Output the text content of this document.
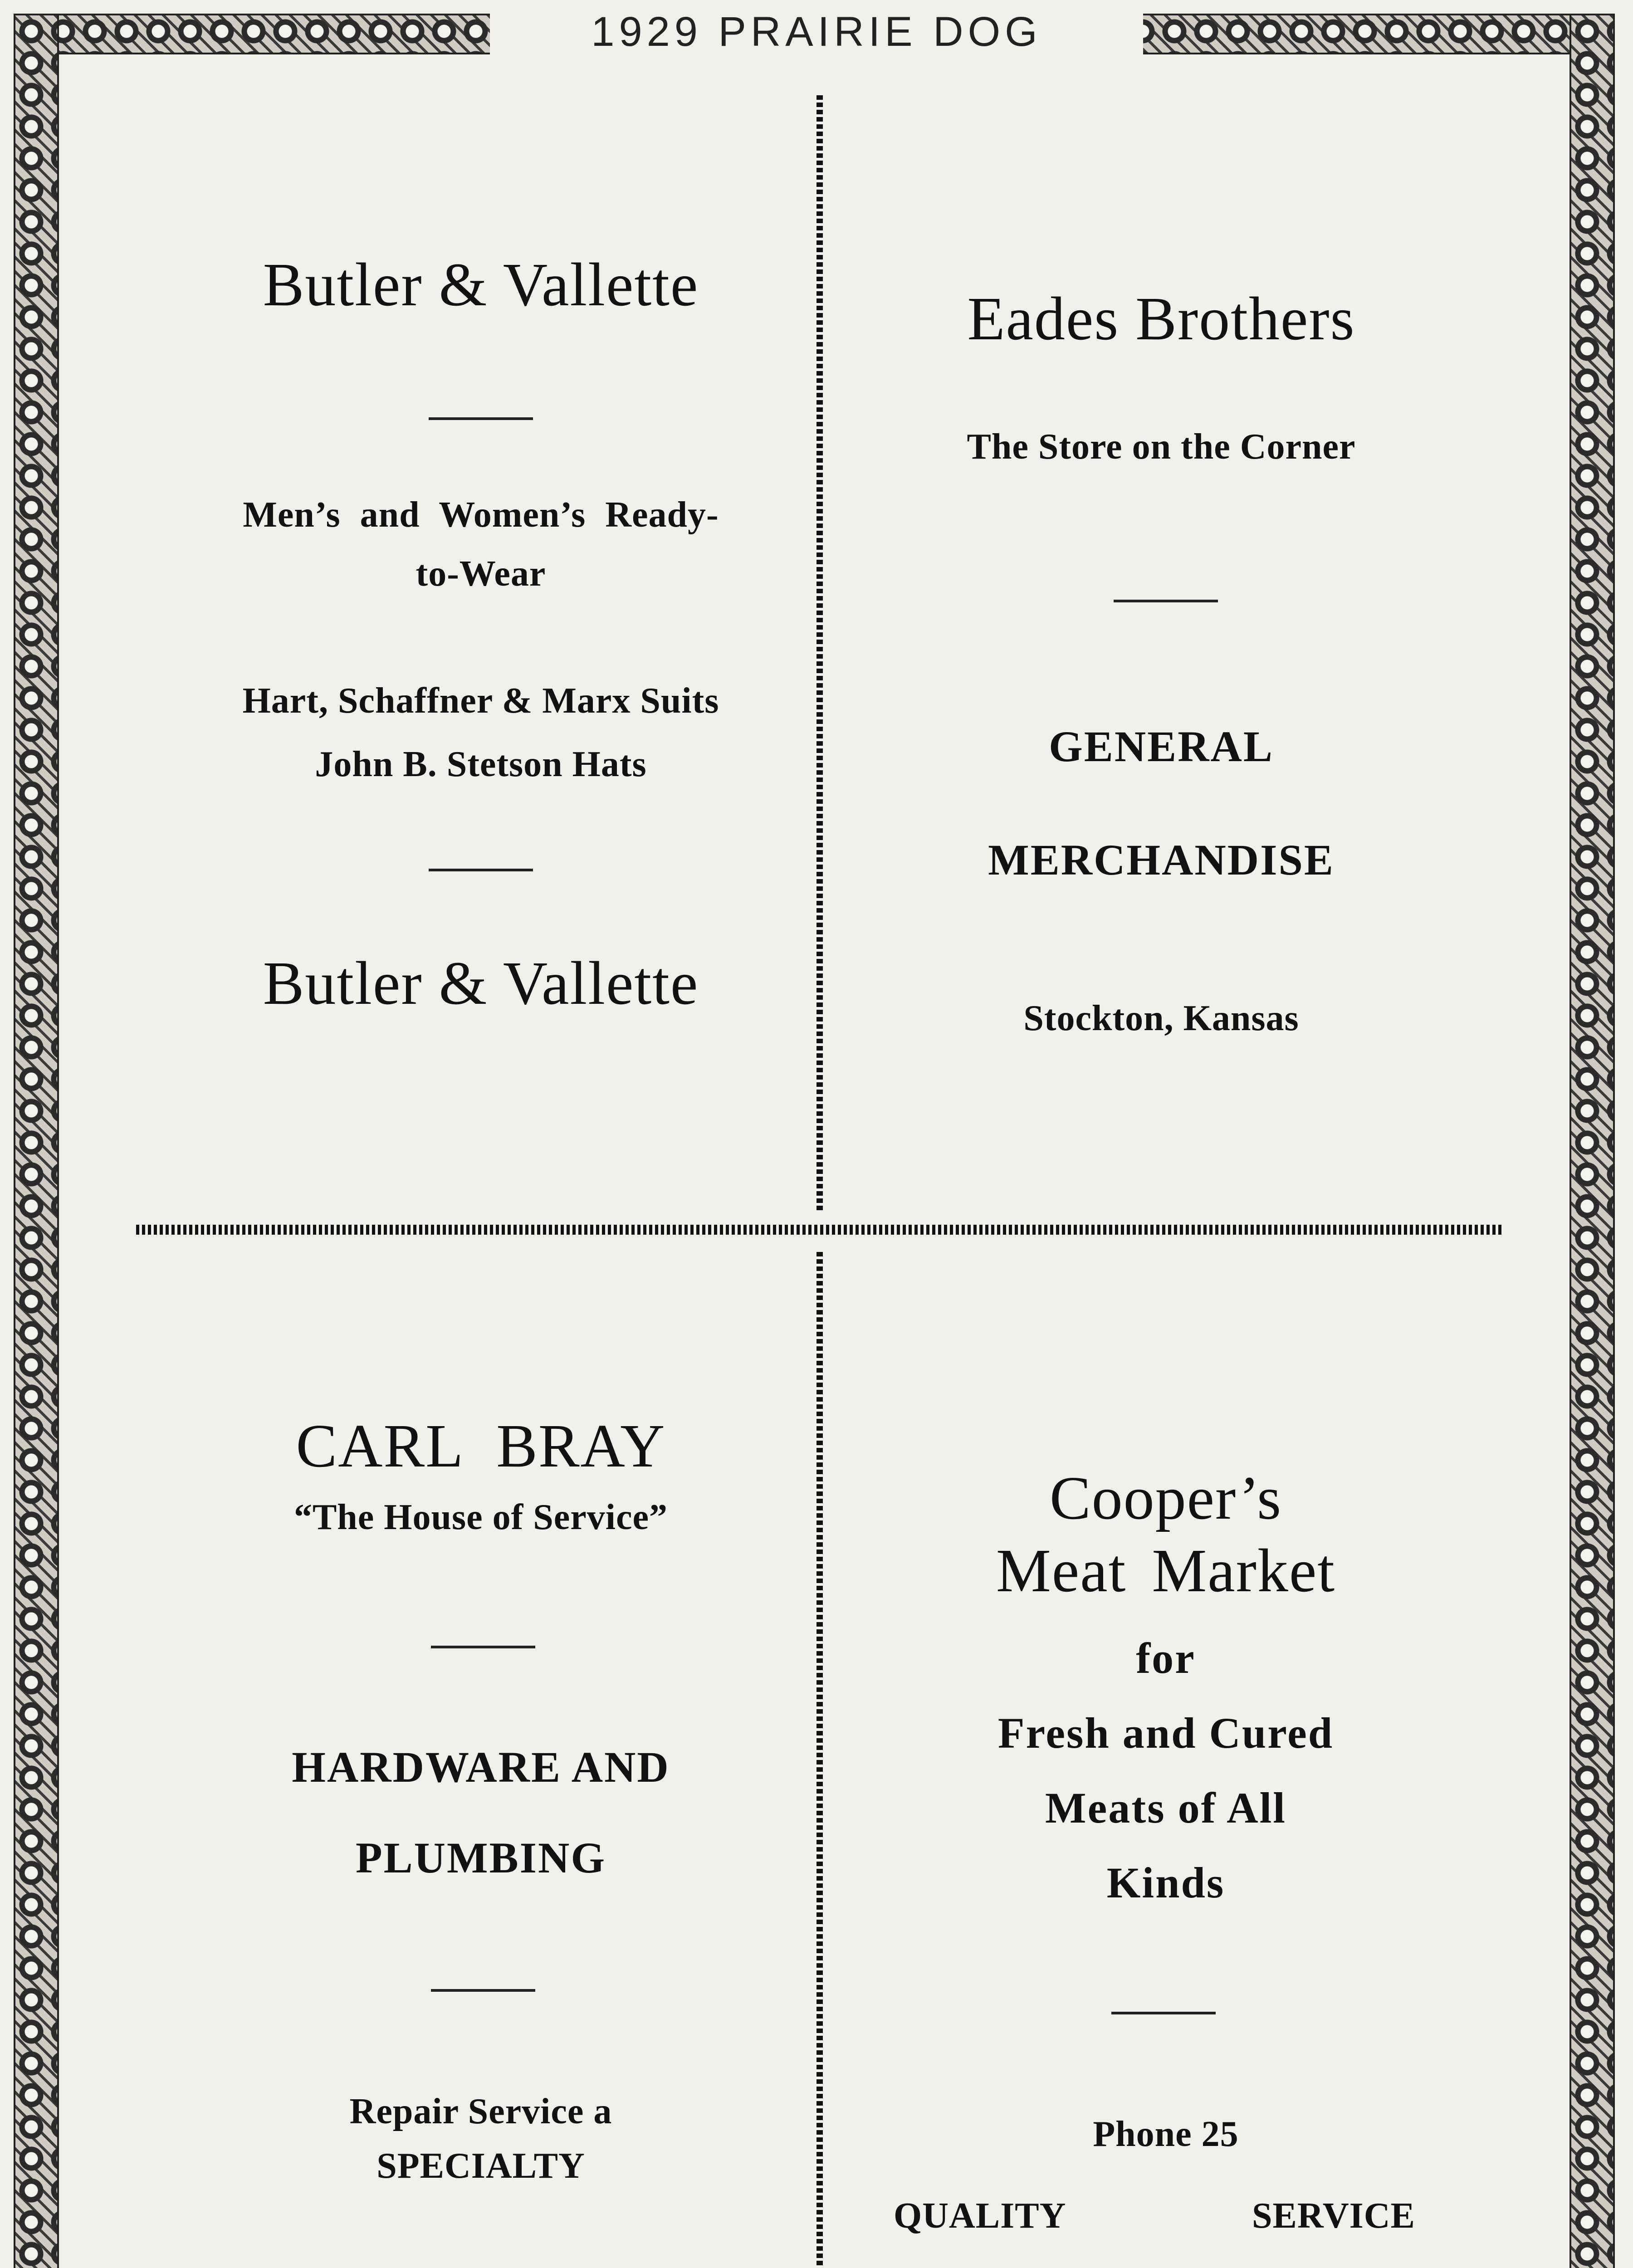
1929 PRAIRIE DOG
Butler & Vallette
Men’s and Women’s Ready-
to-Wear
Hart, Schaffner & Marx Suits
John B. Stetson Hats
Butler & Vallette
Eades Brothers
The Store on the Corner
GENERAL
MERCHANDISE
Stockton, Kansas
CARL BRAY
“The House of Service”
HARDWARE AND
PLUMBING
Repair Service a
SPECIALTY
Cooper’s
Meat Market
for
Fresh and Cured
Meats of All
Kinds
Phone 25
QUALITY	SERVICE
